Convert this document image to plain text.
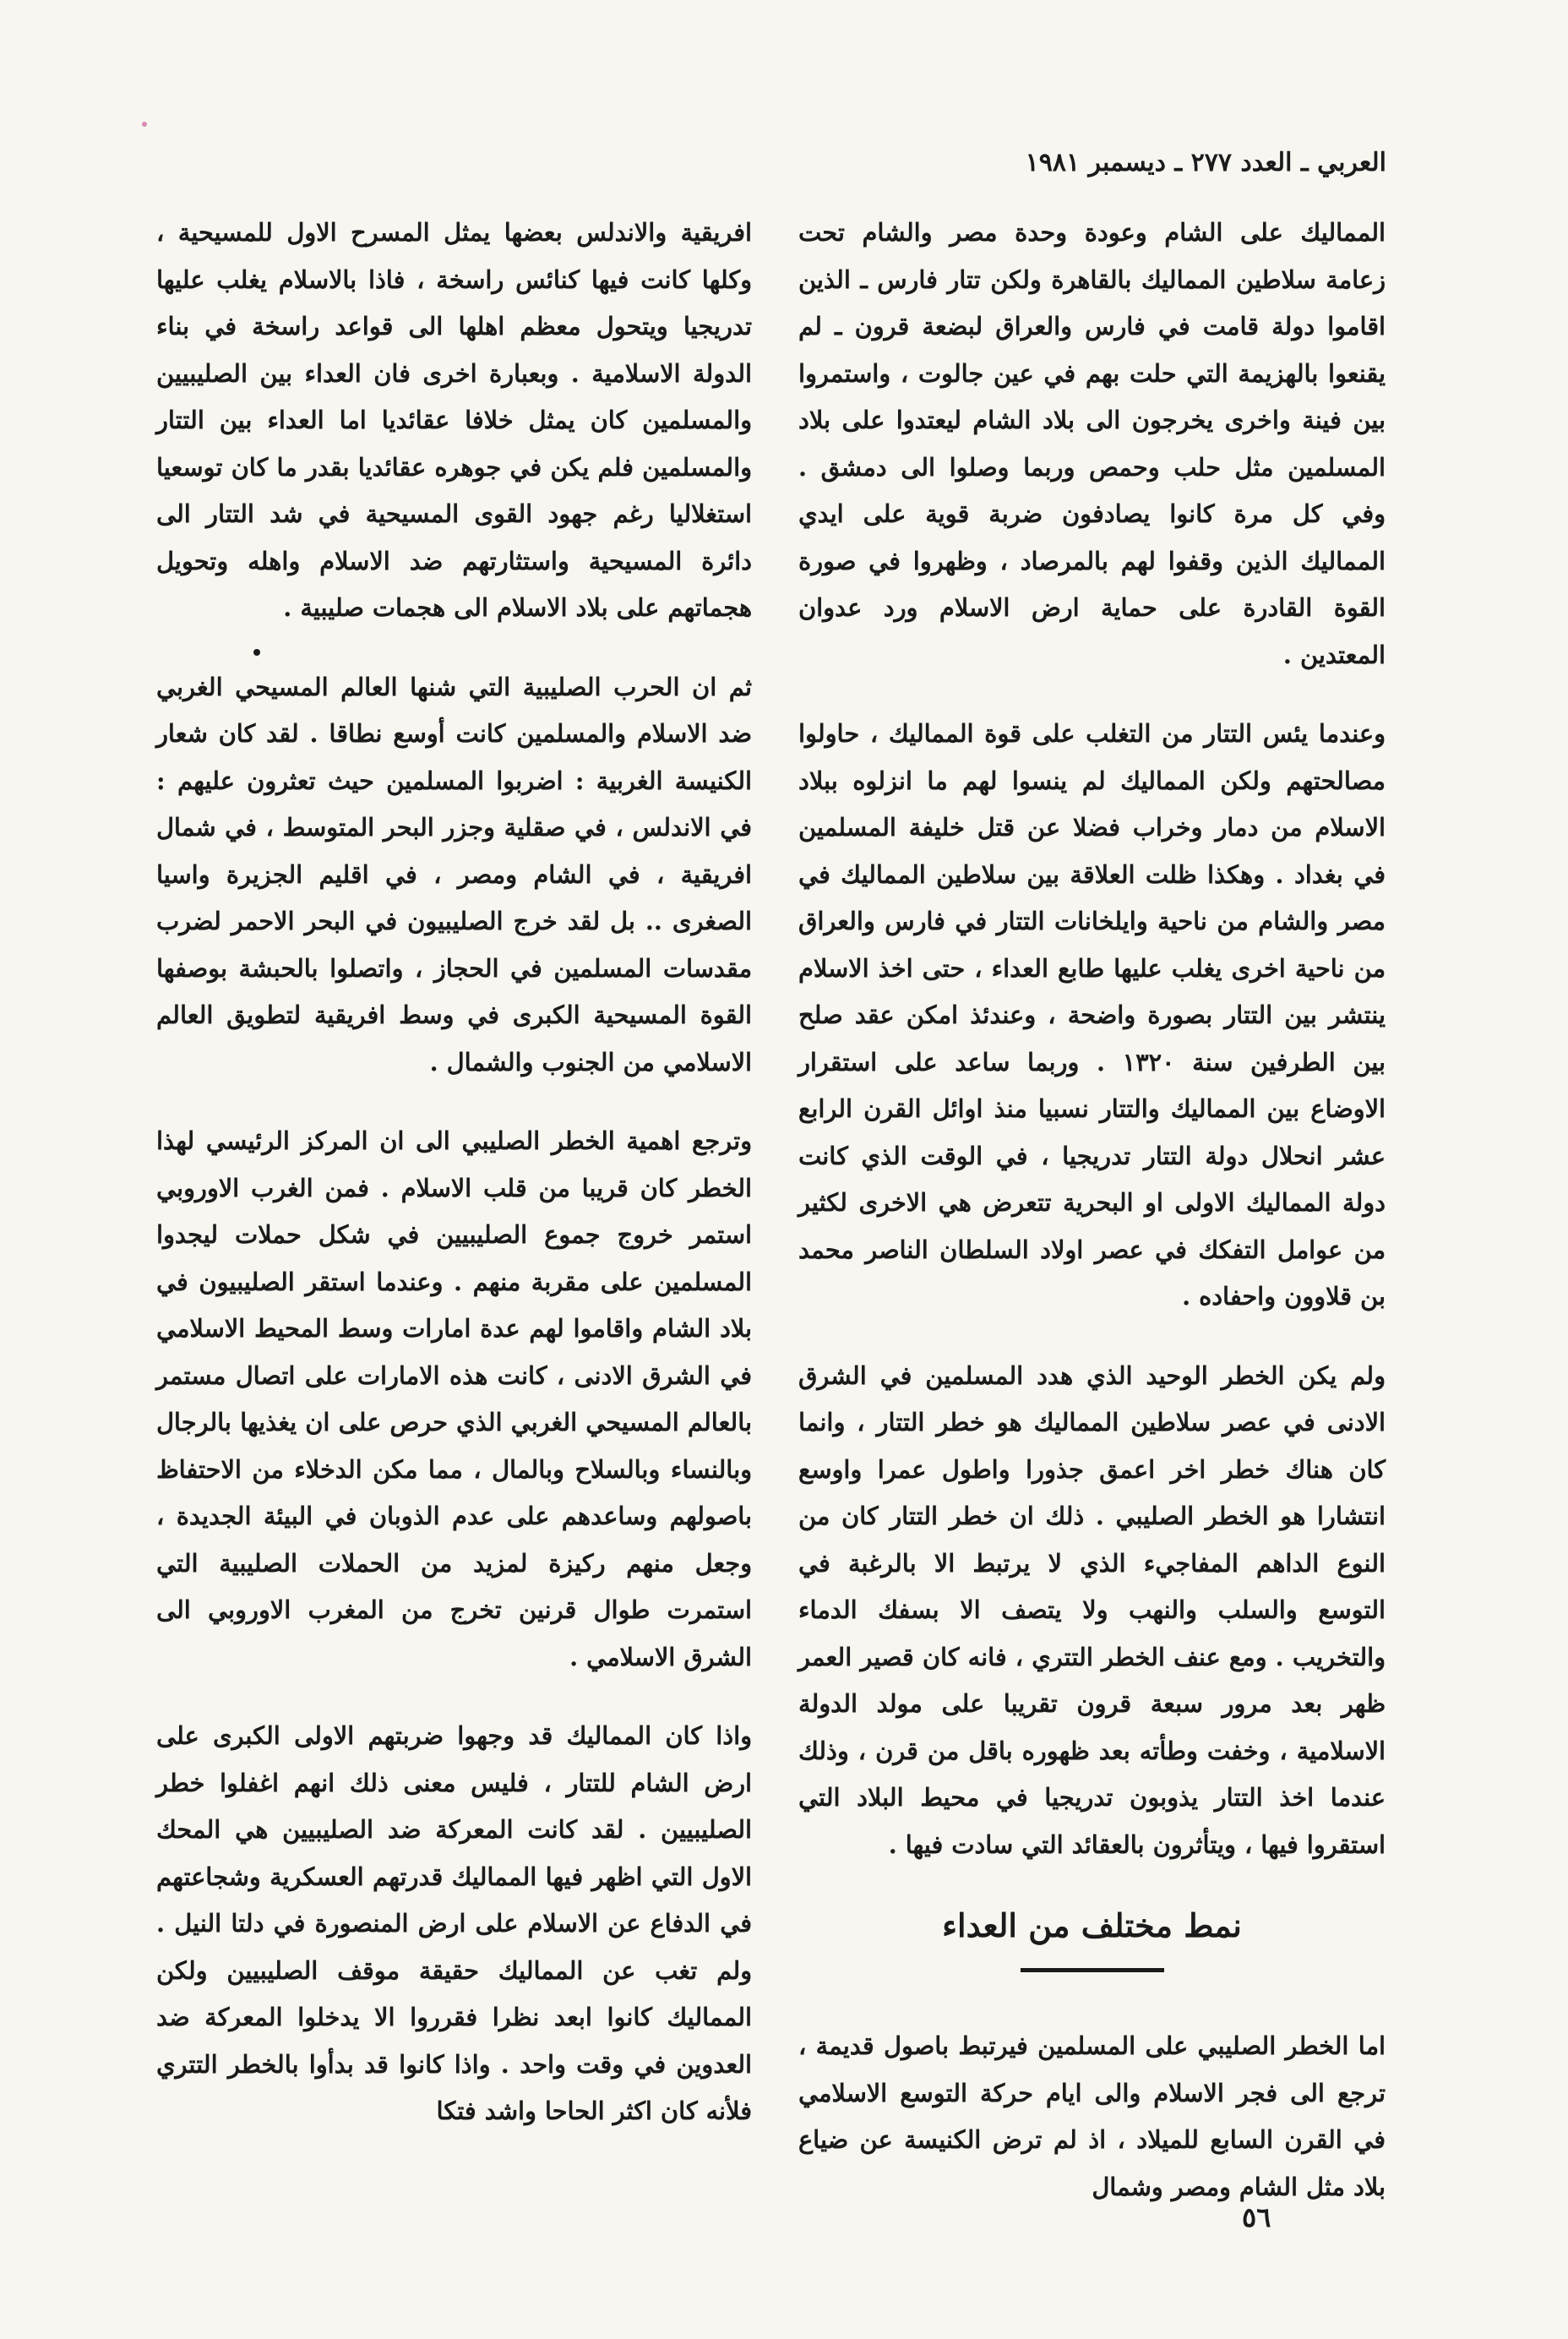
العربي ـ العدد ٢٧٧ ـ ديسمبر ١٩٨١

المماليك على الشام وعودة وحدة مصر والشام تحت زعامة سلاطين المماليك بالقاهرة ولكن تتار فارس ـ الذين اقاموا دولة قامت في فارس والعراق لبضعة قرون ـ لم يقنعوا بالهزيمة التي حلت بهم في عين جالوت ، واستمروا بين فينة واخرى يخرجون الى بلاد الشام ليعتدوا على بلاد المسلمين مثل حلب وحمص وربما وصلوا الى دمشق . وفي كل مرة كانوا يصادفون ضربة قوية على ايدي المماليك الذين وقفوا لهم بالمرصاد ، وظهروا في صورة القوة القادرة على حماية ارض الاسلام ورد عدوان المعتدين .

وعندما يئس التتار من التغلب على قوة المماليك ، حاولوا مصالحتهم ولكن المماليك لم ينسوا لهم ما انزلوه ببلاد الاسلام من دمار وخراب فضلا عن قتل خليفة المسلمين في بغداد . وهكذا ظلت العلاقة بين سلاطين المماليك في مصر والشام من ناحية وايلخانات التتار في فارس والعراق من ناحية اخرى يغلب عليها طابع العداء ، حتى اخذ الاسلام ينتشر بين التتار بصورة واضحة ، وعندئذ امكن عقد صلح بين الطرفين سنة ١٣٢٠ . وربما ساعد على استقرار الاوضاع بين المماليك والتتار نسبيا منذ اوائل القرن الرابع عشر انحلال دولة التتار تدريجيا ، في الوقت الذي كانت دولة المماليك الاولى او البحرية تتعرض هي الاخرى لكثير من عوامل التفكك في عصر اولاد السلطان الناصر محمد بن قلاوون واحفاده .

ولم يكن الخطر الوحيد الذي هدد المسلمين في الشرق الادنى في عصر سلاطين المماليك هو خطر التتار ، وانما كان هناك خطر اخر اعمق جذورا واطول عمرا واوسع انتشارا هو الخطر الصليبي . ذلك ان خطر التتار كان من النوع الداهم المفاجيء الذي لا يرتبط الا بالرغبة في التوسع والسلب والنهب ولا يتصف الا بسفك الدماء والتخريب . ومع عنف الخطر التتري ، فانه كان قصير العمر ظهر بعد مرور سبعة قرون تقريبا على مولد الدولة الاسلامية ، وخفت وطأته بعد ظهوره باقل من قرن ، وذلك عندما اخذ التتار يذوبون تدريجيا في محيط البلاد التي استقروا فيها ، ويتأثرون بالعقائد التي سادت فيها .

نمط مختلف من العداء

اما الخطر الصليبي على المسلمين فيرتبط باصول قديمة ، ترجع الى فجر الاسلام والى ايام حركة التوسع الاسلامي في القرن السابع للميلاد ، اذ لم ترض الكنيسة عن ضياع بلاد مثل الشام ومصر وشمال

افريقية والاندلس بعضها يمثل المسرح الاول للمسيحية ، وكلها كانت فيها كنائس راسخة ، فاذا بالاسلام يغلب عليها تدريجيا ويتحول معظم اهلها الى قواعد راسخة في بناء الدولة الاسلامية . وبعبارة اخرى فان العداء بين الصليبيين والمسلمين كان يمثل خلافا عقائديا اما العداء بين التتار والمسلمين فلم يكن في جوهره عقائديا بقدر ما كان توسعيا استغلاليا رغم جهود القوى المسيحية في شد التتار الى دائرة المسيحية واستثارتهم ضد الاسلام واهله وتحويل هجماتهم على بلاد الاسلام الى هجمات صليبية .

ثم ان الحرب الصليبية التي شنها العالم المسيحي الغربي ضد الاسلام والمسلمين كانت أوسع نطاقا . لقد كان شعار الكنيسة الغربية : اضربوا المسلمين حيث تعثرون عليهم : في الاندلس ، في صقلية وجزر البحر المتوسط ، في شمال افريقية ، في الشام ومصر ، في اقليم الجزيرة واسيا الصغرى .. بل لقد خرج الصليبيون في البحر الاحمر لضرب مقدسات المسلمين في الحجاز ، واتصلوا بالحبشة بوصفها القوة المسيحية الكبرى في وسط افريقية لتطويق العالم الاسلامي من الجنوب والشمال .

وترجع اهمية الخطر الصليبي الى ان المركز الرئيسي لهذا الخطر كان قريبا من قلب الاسلام . فمن الغرب الاوروبي استمر خروج جموع الصليبيين في شكل حملات ليجدوا المسلمين على مقربة منهم . وعندما استقر الصليبيون في بلاد الشام واقاموا لهم عدة امارات وسط المحيط الاسلامي في الشرق الادنى ، كانت هذه الامارات على اتصال مستمر بالعالم المسيحي الغربي الذي حرص على ان يغذيها بالرجال وبالنساء وبالسلاح وبالمال ، مما مكن الدخلاء من الاحتفاظ باصولهم وساعدهم على عدم الذوبان في البيئة الجديدة ، وجعل منهم ركيزة لمزيد من الحملات الصليبية التي استمرت طوال قرنين تخرج من المغرب الاوروبي الى الشرق الاسلامي .

واذا كان المماليك قد وجهوا ضربتهم الاولى الكبرى على ارض الشام للتتار ، فليس معنى ذلك انهم اغفلوا خطر الصليبيين . لقد كانت المعركة ضد الصليبيين هي المحك الاول التي اظهر فيها المماليك قدرتهم العسكرية وشجاعتهم في الدفاع عن الاسلام على ارض المنصورة في دلتا النيل . ولم تغب عن المماليك حقيقة موقف الصليبيين ولكن المماليك كانوا ابعد نظرا فقرروا الا يدخلوا المعركة ضد العدوين في وقت واحد . واذا كانوا قد بدأوا بالخطر التتري فلأنه كان اكثر الحاحا واشد فتكا

٥٦
